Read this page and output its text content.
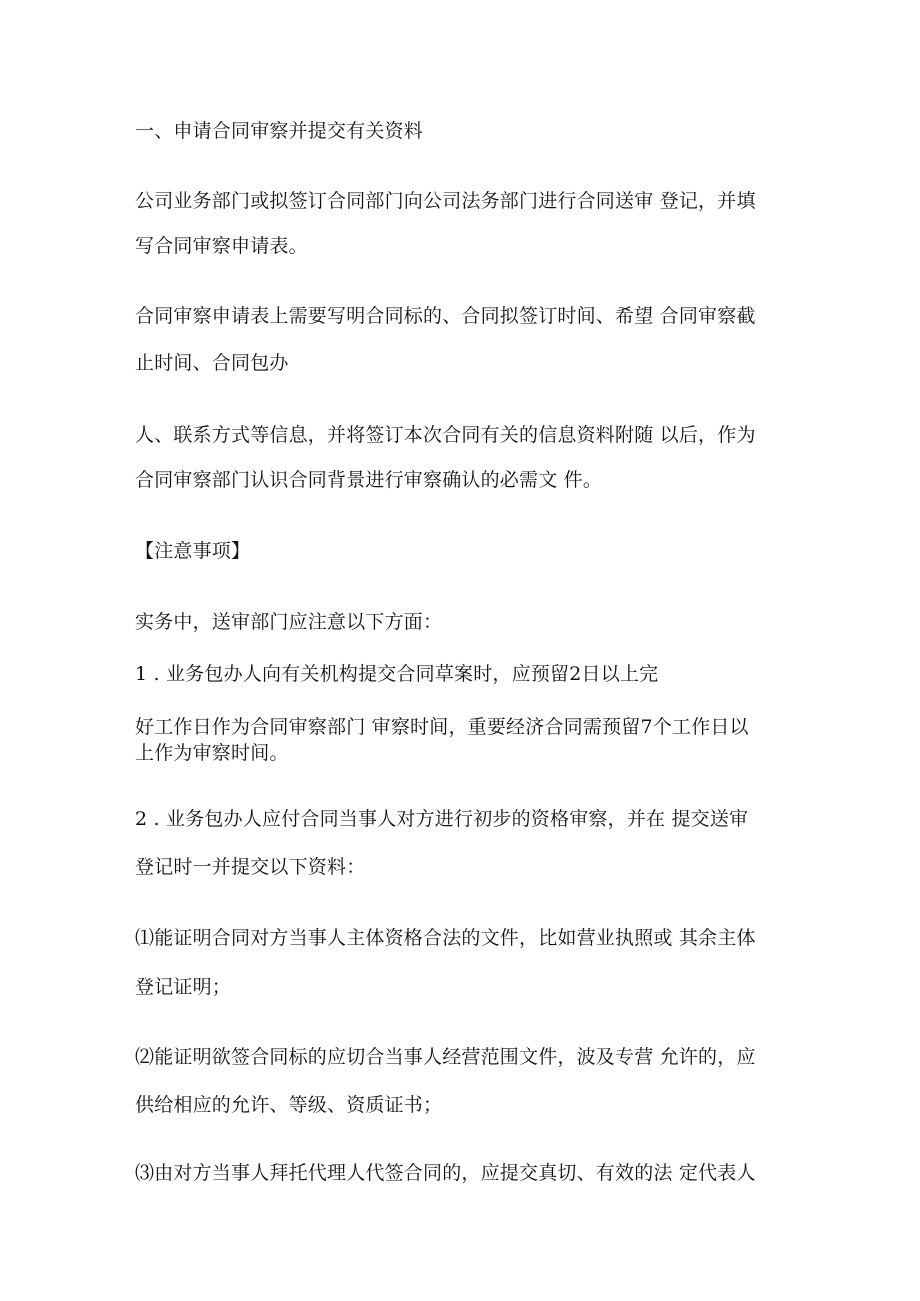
一、申请合同审察并提交有关资料
公司业务部门或拟签订合同部门向公司法务部门进行合同送审 登记，并填
写合同审察申请表。
合同审察申请表上需要写明合同标的、合同拟签订时间、希望 合同审察截
止时间、合同包办
人、联系方式等信息，并将签订本次合同有关的信息资料附随 以后，作为
合同审察部门认识合同背景进行审察确认的必需文 件。
【注意事项】
实务中，送审部门应注意以下方面：
1 . 业务包办人向有关机构提交合同草案时，应预留2日以上完
好工作日作为合同审察部门 审察时间，重要经济合同需预留7个工作日以
上作为审察时间。
2 . 业务包办人应付合同当事人对方进行初步的资格审察，并在 提交送审
登记时一并提交以下资料：
⑴能证明合同对方当事人主体资格合法的文件，比如营业执照或 其余主体
登记证明；
⑵能证明欲签合同标的应切合当事人经营范围文件，波及专营 允许的，应
供给相应的允许、等级、资质证书；
⑶由对方当事人拜托代理人代签合同的，应提交真切、有效的法 定代表人
